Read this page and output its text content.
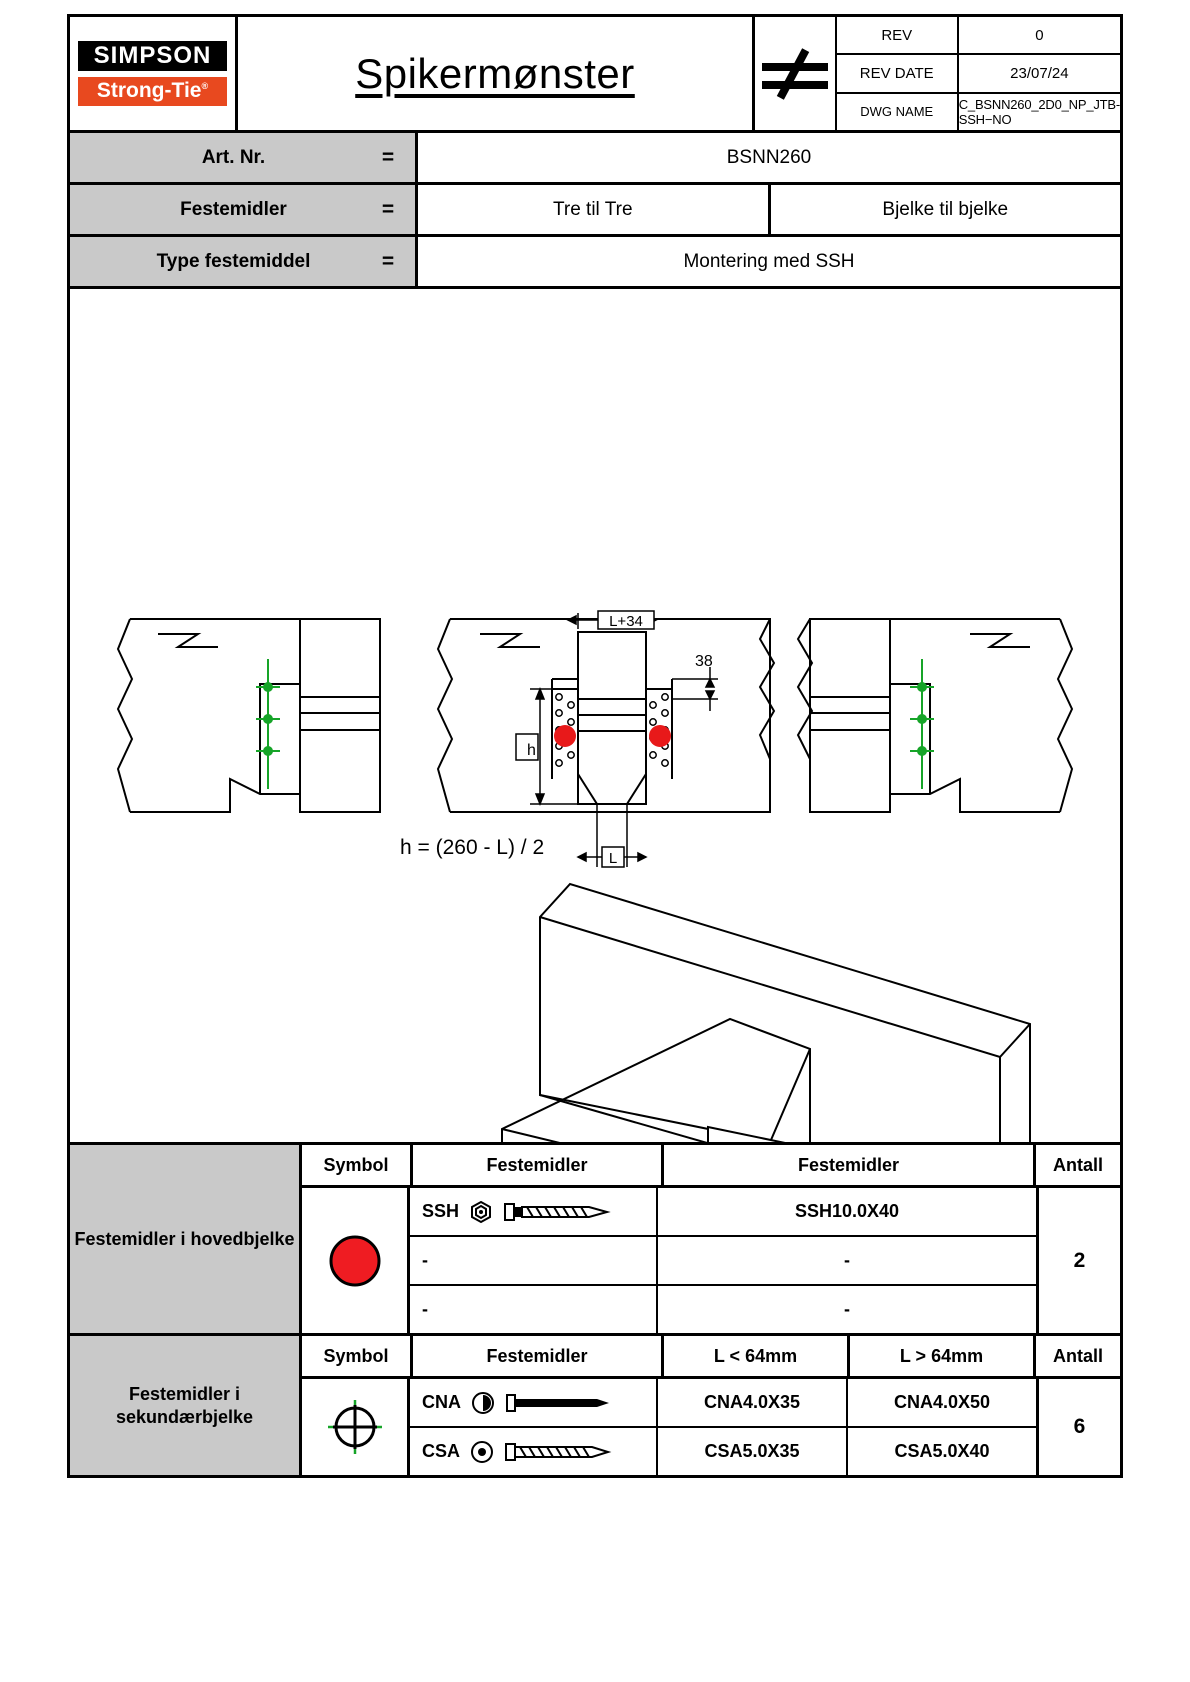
SIMPSON
Strong-Tie®	Spikermønster
REV	0
REV DATE	23/07/24
DWG NAME	C_BSNN260_2D0_NP_JTB-SSH−NO
Art. Nr.	=	BSNN260
Festemidler	=	Tre til Tre	Bjelke til bjelke
Type festemiddel	=	Montering med SSH
h = (260 - L) / 2
L+34
38
h
L
Festemidler i hovedbjelke
Symbol	Festemidler	Festemidler	Antall
SSH	SSH10.0X40
-	-
-	-
2
Festemidler i sekundærbjelke
Symbol	Festemidler	L < 64mm	L > 64mm	Antall
CNA	CNA4.0X35	CNA4.0X50
CSA	CSA5.0X35	CSA5.0X40
6
